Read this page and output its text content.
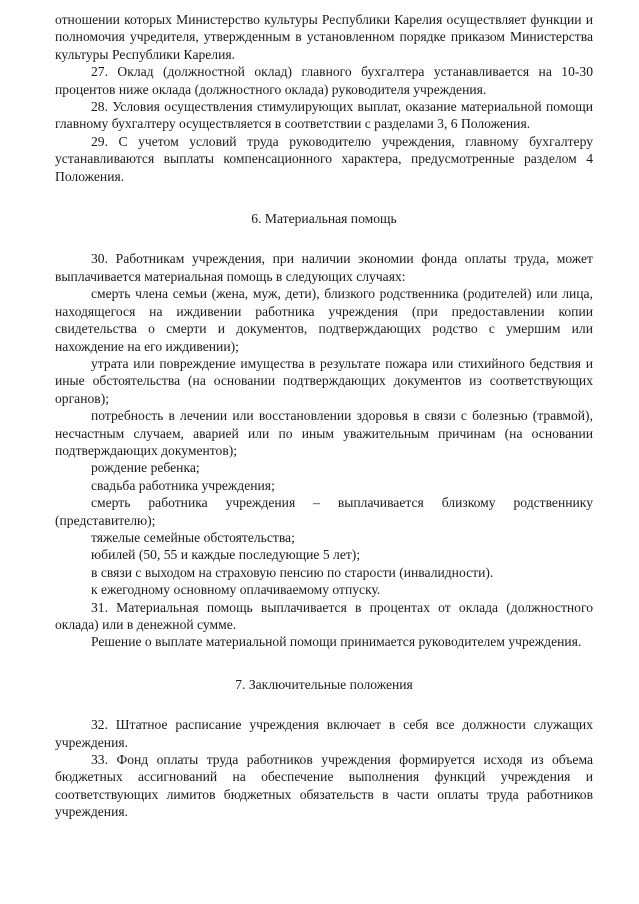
отношении которых Министерство культуры Республики Карелия осуществляет функции и полномочия учредителя, утвержденным в установленном порядке приказом Министерства культуры Республики Карелия.

27. Оклад (должностной оклад) главного бухгалтера устанавливается на 10-30 процентов ниже оклада (должностного оклада) руководителя учреждения.

28. Условия осуществления стимулирующих выплат, оказание материальной помощи главному бухгалтеру осуществляется в соответствии с разделами 3, 6 Положения.

29. С учетом условий труда руководителю учреждения, главному бухгалтеру устанавливаются выплаты компенсационного характера, предусмотренные разделом 4 Положения.

6. Материальная помощь

30. Работникам учреждения, при наличии экономии фонда оплаты труда, может выплачивается материальная помощь в следующих случаях:

смерть члена семьи (жена, муж, дети), близкого родственника (родителей) или лица, находящегося на иждивении работника учреждения (при предоставлении копии свидетельства о смерти и документов, подтверждающих родство с умершим или нахождение на его иждивении);

утрата или повреждение имущества в результате пожара или стихийного бедствия и иные обстоятельства (на основании подтверждающих документов из соответствующих органов);

потребность в лечении или восстановлении здоровья в связи с болезнью (травмой), несчастным случаем, аварией или по иным уважительным причинам (на основании подтверждающих документов);

рождение ребенка;

свадьба работника учреждения;

смерть работника учреждения – выплачивается близкому родственнику (представителю);

тяжелые семейные обстоятельства;

юбилей (50, 55 и каждые последующие 5 лет);

в связи с выходом на страховую пенсию по старости (инвалидности).

к ежегодному основному оплачиваемому отпуску.

31. Материальная помощь выплачивается в процентах от оклада (должностного оклада) или в денежной сумме.

Решение о выплате материальной помощи принимается руководителем учреждения.

7. Заключительные положения

32. Штатное расписание учреждения включает в себя все должности служащих учреждения.

33. Фонд оплаты труда работников учреждения формируется исходя из объема бюджетных ассигнований на обеспечение выполнения функций учреждения и соответствующих лимитов бюджетных обязательств в части оплаты труда работников учреждения.
